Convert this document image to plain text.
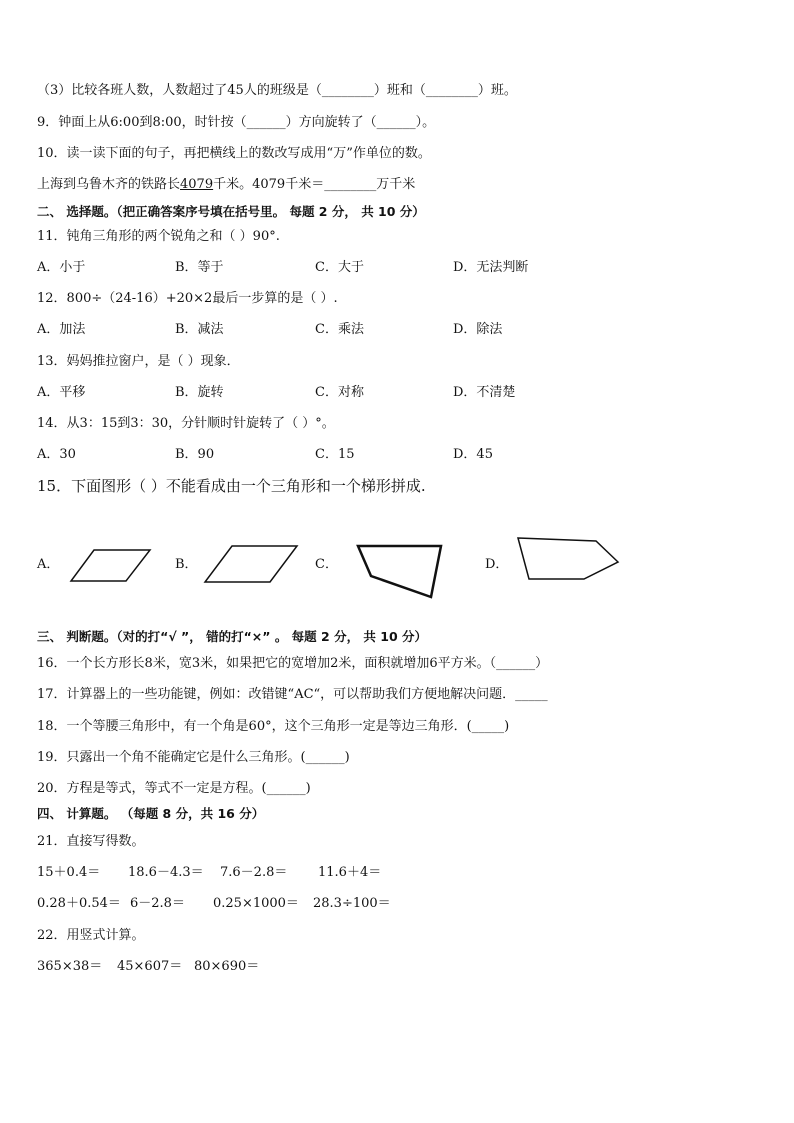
（3）比较各班人数，人数超过了45人的班级是（________）班和（________）班。
9．钟面上从6:00到8:00，时针按（______）方向旋转了（______）。
10．读一读下面的句子，再把横线上的数改写成用“万”作单位的数。
上海到乌鲁木齐的铁路长4079千米。4079千米＝________万千米
二、 选择题。（把正确答案序号填在括号里。 每题 2 分， 共 10 分）
11．钝角三角形的两个锐角之和（ ）90°.
A．小于	B．等于	C．大于	D．无法判断
12．800÷（24-16）+20×2最后一步算的是（ ）.
A．加法	B．减法	C．乘法	D．除法
13．妈妈推拉窗户，是（ ）现象．
A．平移	B．旋转	C．对称	D．不清楚
14．从3：15到3：30，分针顺时针旋转了（ ）°。
A．30	B．90	C．15	D．45
15．下面图形（ ）不能看成由一个三角形和一个梯形拼成.
A．	B．	C．	D．
三、 判断题。（对的打“√ ”， 错的打“×” 。 每题 2 分， 共 10 分）
16．一个长方形长8米，宽3米，如果把它的宽增加2米，面积就增加6平方米。（______）
17．计算器上的一些功能键，例如：改错键“AC“，可以帮助我们方便地解决问题．_____
18．一个等腰三角形中，有一个角是60°，这个三角形一定是等边三角形．(_____)
19．只露出一个角不能确定它是什么三角形。(______)
20．方程是等式，等式不一定是方程。(______)
四、 计算题。 （每题 8 分，共 16 分）
21．直接写得数。
15＋0.4＝ 18.6－4.3＝ 7.6－2.8＝ 11.6＋4＝
0.28＋0.54＝ 6－2.8＝ 0.25×1000＝ 28.3÷100＝
22．用竖式计算。
365×38＝ 45×607＝ 80×690＝
